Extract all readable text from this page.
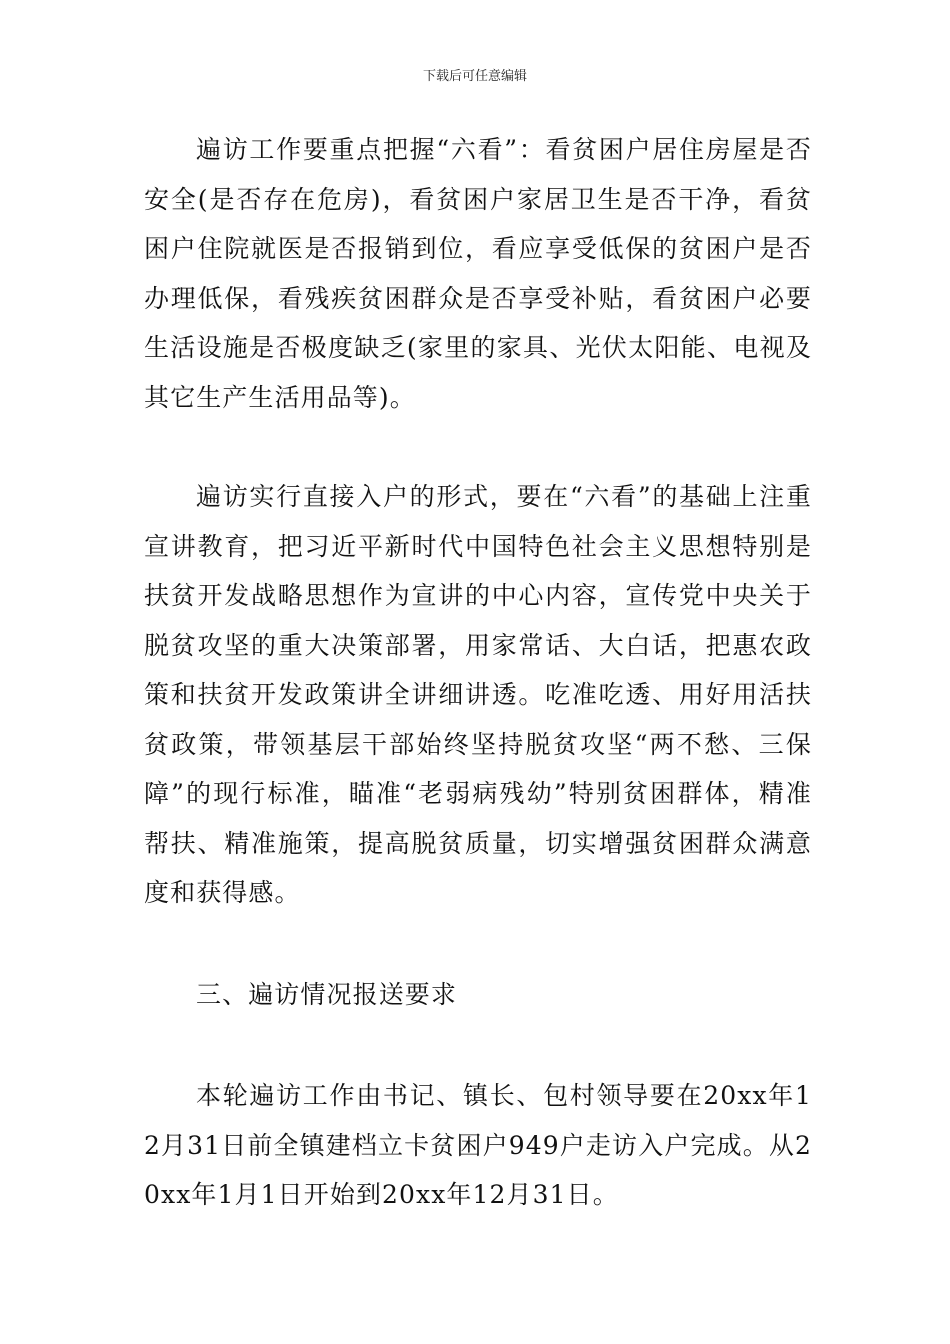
下载后可任意编辑

遍访工作要重点把握“六看”：看贫困户居住房屋是否安全(是否存在危房)，看贫困户家居卫生是否干净，看贫困户住院就医是否报销到位，看应享受低保的贫困户是否办理低保，看残疾贫困群众是否享受补贴，看贫困户必要生活设施是否极度缺乏(家里的家具、光伏太阳能、电视及其它生产生活用品等)。

遍访实行直接入户的形式，要在“六看”的基础上注重宣讲教育，把习近平新时代中国特色社会主义思想特别是扶贫开发战略思想作为宣讲的中心内容，宣传党中央关于脱贫攻坚的重大决策部署，用家常话、大白话，把惠农政策和扶贫开发政策讲全讲细讲透。吃准吃透、用好用活扶贫政策，带领基层干部始终坚持脱贫攻坚“两不愁、三保障”的现行标准，瞄准“老弱病残幼”特别贫困群体，精准帮扶、精准施策，提高脱贫质量，切实增强贫困群众满意度和获得感。

三、遍访情况报送要求

本轮遍访工作由书记、镇长、包村领导要在20xx年12月31日前全镇建档立卡贫困户949户走访入户完成。从20xx年1月1日开始到20xx年12月31日。
